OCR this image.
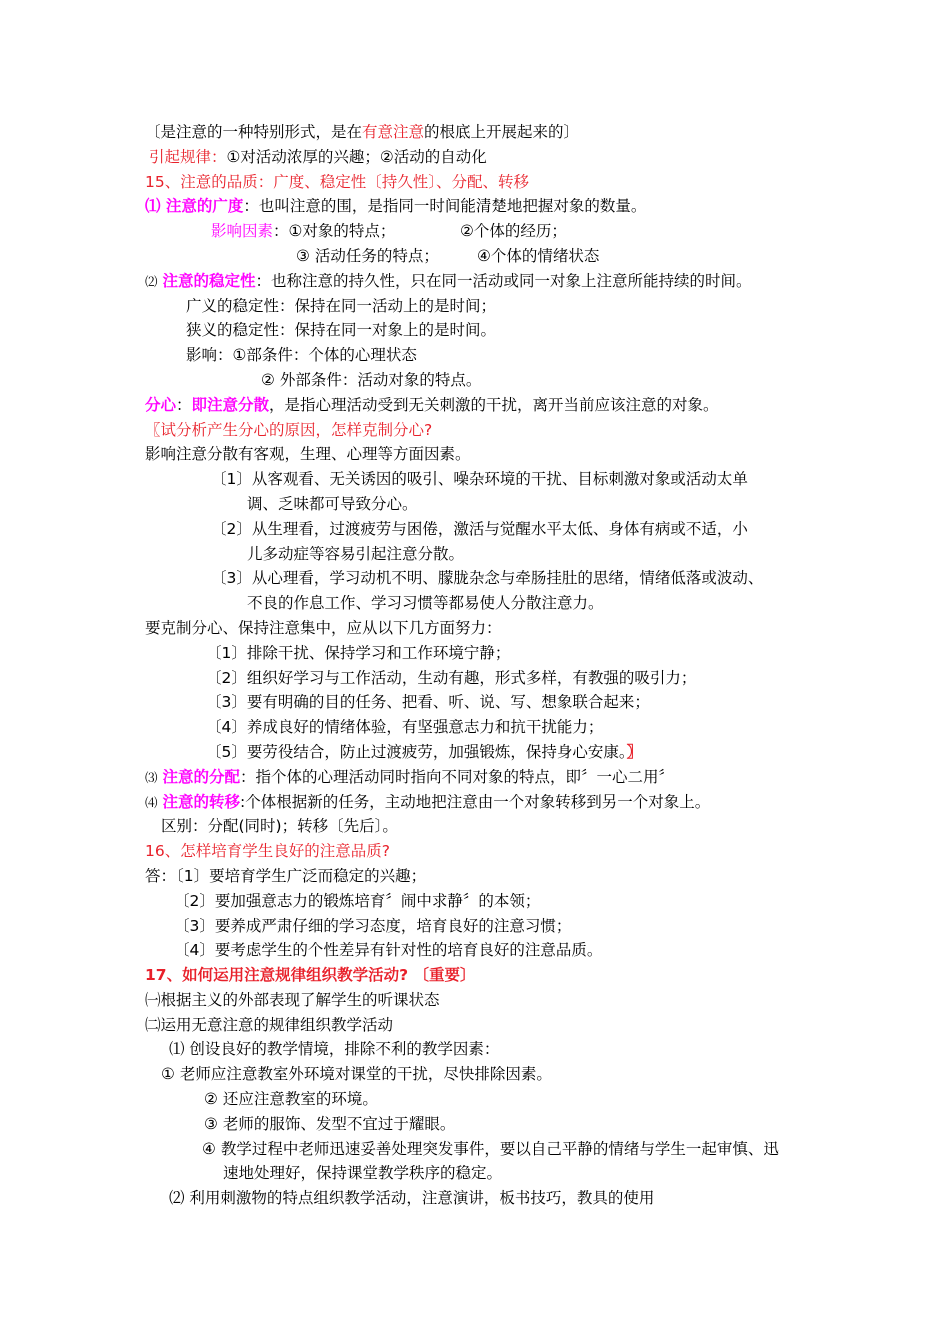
〔是注意的一种特别形式，是在有意注意的根底上开展起来的〕
引起规律：①对活动浓厚的兴趣；②活动的自动化
15、注意的品质：广度、稳定性〔持久性〕、分配、转移
⑴ 注意的广度：也叫注意的围，是指同一时间能清楚地把握对象的数量。
影响因素：①对象的特点；	②个体的经历；
③ 活动任务的特点； ④个体的情绪状态
⑵ 注意的稳定性：也称注意的持久性，只在同一活动或同一对象上注意所能持续的时间。
广义的稳定性：保持在同一活动上的是时间；
狭义的稳定性：保持在同一对象上的是时间。
影响：①部条件：个体的心理状态
② 外部条件：活动对象的特点。
分心：即注意分散，是指心理活动受到无关刺激的干扰，离开当前应该注意的对象。
〖试分析产生分心的原因，怎样克制分心?
影响注意分散有客观，生理、心理等方面因素。
〔1〕从客观看、无关诱因的吸引、噪杂环境的干扰、目标刺激对象或活动太单
调、乏味都可导致分心。
〔2〕从生理看，过渡疲劳与困倦，激活与觉醒水平太低、身体有病或不适，小
儿多动症等容易引起注意分散。
〔3〕从心理看，学习动机不明、朦胧杂念与牵肠挂肚的思绪，情绪低落或波动、
不良的作息工作、学习习惯等都易使人分散注意力。
要克制分心、保持注意集中，应从以下几方面努力：
〔1〕排除干扰、保持学习和工作环境宁静；
〔2〕组织好学习与工作活动，生动有趣，形式多样，有教强的吸引力；
〔3〕要有明确的目的任务、把看、听、说、写、想象联合起来；
〔4〕养成良好的情绪体验，有坚强意志力和抗干扰能力；
〔5〕要劳役结合，防止过渡疲劳，加强锻炼，保持身心安康。〗
⑶ 注意的分配：指个体的心理活动同时指向不同对象的特点，即〞一心二用〞
⑷ 注意的转移:个体根据新的任务，主动地把注意由一个对象转移到另一个对象上。
区别：分配(同时)；转移〔先后〕。
16、怎样培育学生良好的注意品质?
答：〔1〕要培育学生广泛而稳定的兴趣；
〔2〕要加强意志力的锻炼培育〞闹中求静〞的本领；
〔3〕要养成严肃仔细的学习态度，培育良好的注意习惯；
〔4〕要考虑学生的个性差异有针对性的培育良好的注意品质。
17、如何运用注意规律组织教学活动? 〔重要〕
㈠根据主义的外部表现了解学生的听课状态
㈡运用无意注意的规律组织教学活动
⑴ 创设良好的教学情境，排除不利的教学因素：
① 老师应注意教室外环境对课堂的干扰，尽快排除因素。
② 还应注意教室的环境。
③ 老师的服饰、发型不宜过于耀眼。
④ 教学过程中老师迅速妥善处理突发事件，要以自己平静的情绪与学生一起审慎、迅
速地处理好，保持课堂教学秩序的稳定。
⑵ 利用刺激物的特点组织教学活动，注意演讲，板书技巧，教具的使用
